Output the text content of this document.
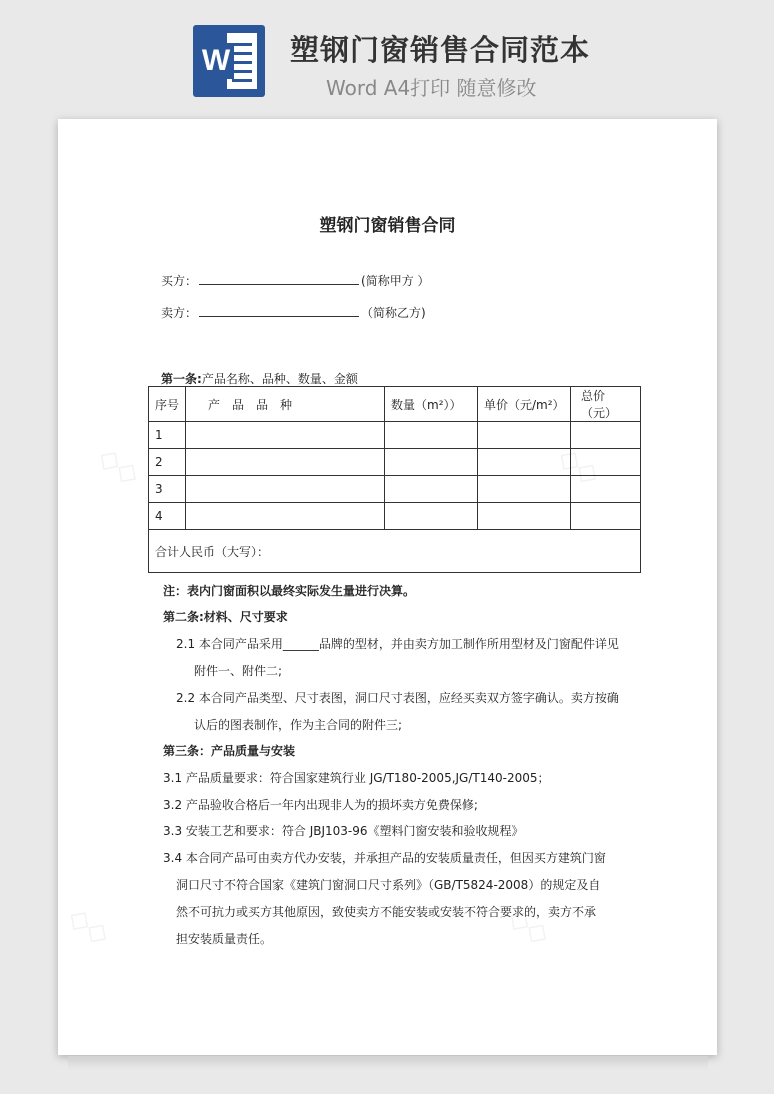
W 塑钢门窗销售合同范本
Word A4打印 随意修改
塑钢门窗销售合同
买方：	(简称甲方 ）
卖方：	（简称乙方)
第一条:产品名称、品种、数量、金额
序号	产　品　品　种	数量（m²））	单价（元/m²）	总价（元）
1				
2				
3				
4				
合计人民币（大写）：				
注：表内门窗面积以最终实际发生量进行决算。
第二条:材料、尺寸要求
2.1 本合同产品采用______品牌的型材，并由卖方加工制作所用型材及门窗配件详见
附件一、附件二;
2.2 本合同产品类型、尺寸表图，洞口尺寸表图，应经买卖双方签字确认。卖方按确
认后的图表制作，作为主合同的附件三;
第三条：产品质量与安装
3.1 产品质量要求：符合国家建筑行业 JG/T180-2005,JG/T140-2005；
3.2 产品验收合格后一年内出现非人为的损坏卖方免费保修;
3.3 安装工艺和要求：符合 JBJ103-96《塑料门窗安装和验收规程》
3.4 本合同产品可由卖方代办安装，并承担产品的安装质量责任，但因买方建筑门窗
洞口尺寸不符合国家《建筑门窗洞口尺寸系列》（GB/T5824-2008）的规定及自
然不可抗力或买方其他原因，致使卖方不能安装或安装不符合要求的，卖方不承
担安装质量责任。
◇◇	◇◇
◇◇	◇◇
